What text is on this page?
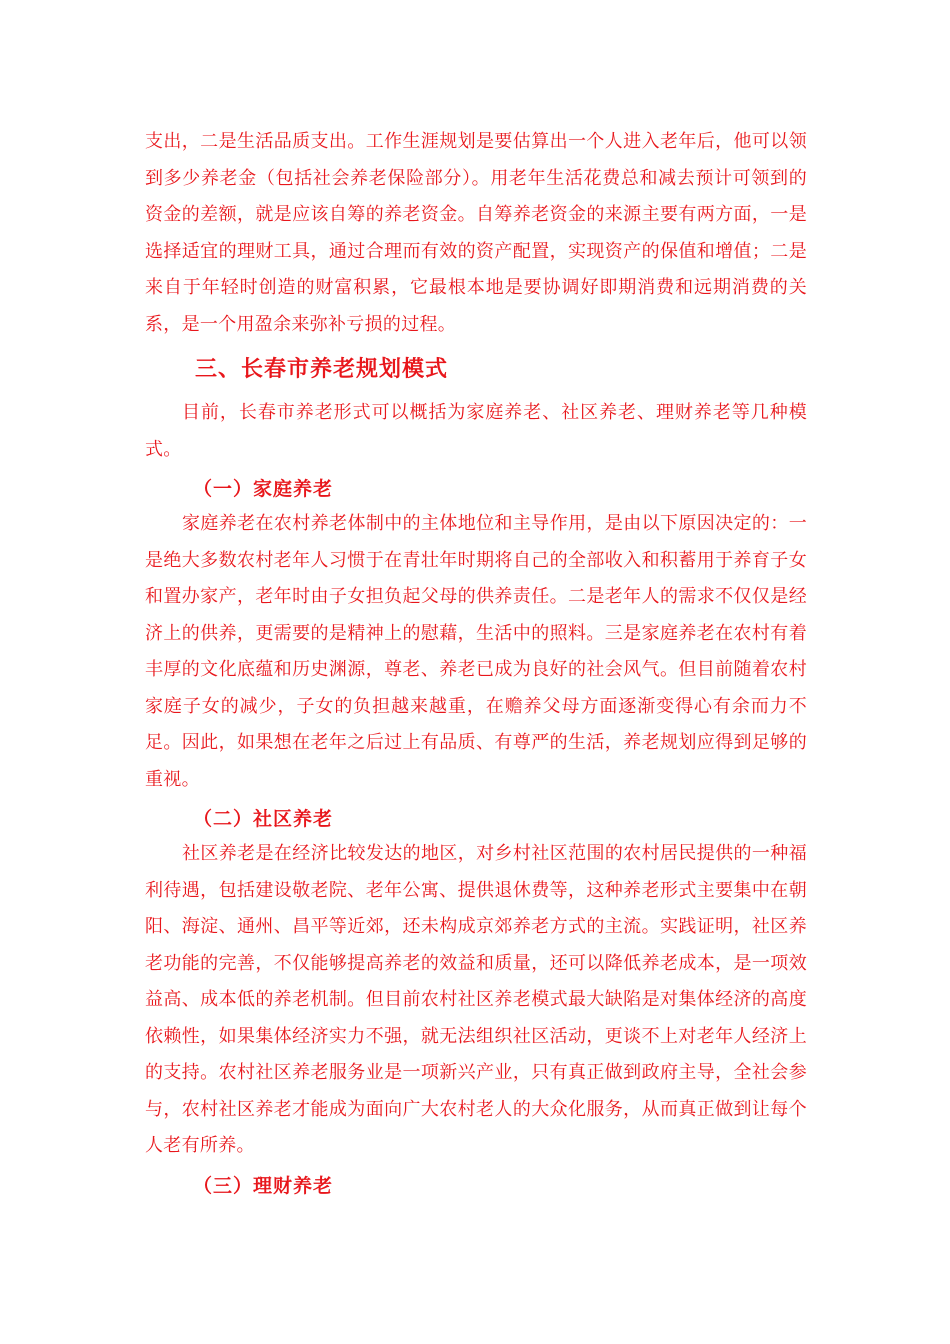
支出，二是生活品质支出。工作生涯规划是要估算出一个人进入老年后，他可以领到多少养老金（包括社会养老保险部分）。用老年生活花费总和减去预计可领到的资金的差额，就是应该自筹的养老资金。自筹养老资金的来源主要有两方面，一是选择适宜的理财工具，通过合理而有效的资产配置，实现资产的保值和增值；二是来自于年轻时创造的财富积累，它最根本地是要协调好即期消费和远期消费的关系，是一个用盈余来弥补亏损的过程。

三、长春市养老规划模式

目前，长春市养老形式可以概括为家庭养老、社区养老、理财养老等几种模式。

（一）家庭养老

家庭养老在农村养老体制中的主体地位和主导作用，是由以下原因决定的：一是绝大多数农村老年人习惯于在青壮年时期将自己的全部收入和积蓄用于养育子女和置办家产，老年时由子女担负起父母的供养责任。二是老年人的需求不仅仅是经济上的供养，更需要的是精神上的慰藉，生活中的照料。三是家庭养老在农村有着丰厚的文化底蕴和历史渊源，尊老、养老已成为良好的社会风气。但目前随着农村家庭子女的减少，子女的负担越来越重，在赡养父母方面逐渐变得心有余而力不足。因此，如果想在老年之后过上有品质、有尊严的生活，养老规划应得到足够的重视。

（二）社区养老

社区养老是在经济比较发达的地区，对乡村社区范围的农村居民提供的一种福利待遇，包括建设敬老院、老年公寓、提供退休费等，这种养老形式主要集中在朝阳、海淀、通州、昌平等近郊，还未构成京郊养老方式的主流。实践证明，社区养老功能的完善，不仅能够提高养老的效益和质量，还可以降低养老成本，是一项效益高、成本低的养老机制。但目前农村社区养老模式最大缺陷是对集体经济的高度依赖性，如果集体经济实力不强，就无法组织社区活动，更谈不上对老年人经济上的支持。农村社区养老服务业是一项新兴产业，只有真正做到政府主导，全社会参与，农村社区养老才能成为面向广大农村老人的大众化服务，从而真正做到让每个人老有所养。

（三）理财养老
